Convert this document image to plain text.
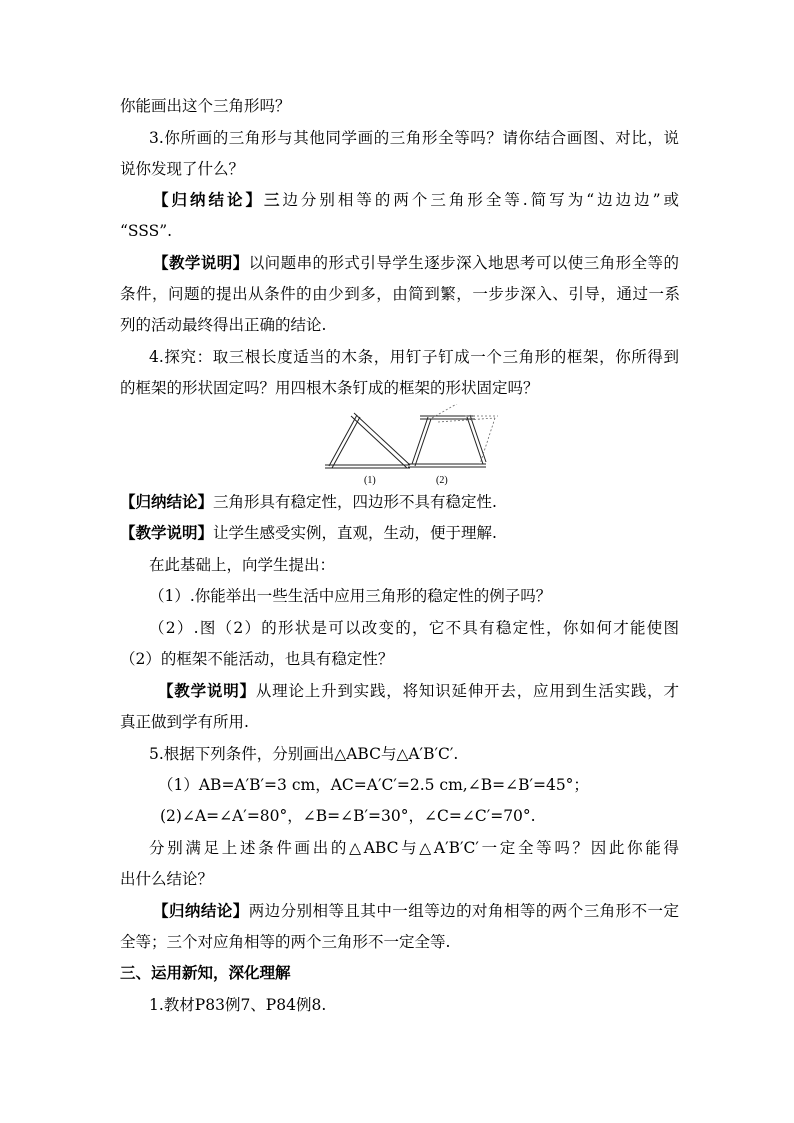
你能画出这个三角形吗？
3.你所画的三角形与其他同学画的三角形全等吗？请你结合画图、对比，说
说你发现了什么？
【归纳结论】三边分别相等的两个三角形全等.简写为“边边边”或
“SSS”.
【教学说明】以问题串的形式引导学生逐步深入地思考可以使三角形全等的
条件，问题的提出从条件的由少到多，由简到繁，一步步深入、引导，通过一系
列的活动最终得出正确的结论.
4.探究：取三根长度适当的木条，用钉子钉成一个三角形的框架，你所得到
的框架的形状固定吗？用四根木条钉成的框架的形状固定吗？
(1)	(2)
【归纳结论】三角形具有稳定性，四边形不具有稳定性.
【教学说明】让学生感受实例，直观，生动，便于理解.
在此基础上，向学生提出：
（1）.你能举出一些生活中应用三角形的稳定性的例子吗？
（2）.图（2）的形状是可以改变的，它不具有稳定性，你如何才能使图
（2）的框架不能活动，也具有稳定性？
【教学说明】从理论上升到实践，将知识延伸开去，应用到生活实践，才
真正做到学有所用.
5.根据下列条件，分别画出△ABC与△A′B′C′.
（1）AB=A′B′=3 cm，AC=A′C′=2.5 cm,∠B=∠B′=45°；
(2)∠A=∠A′=80°，∠B=∠B′=30°，∠C=∠C′=70°.
分别满足上述条件画出的△ABC与△A′B′C′一定全等吗？因此你能得
出什么结论？
【归纳结论】两边分别相等且其中一组等边的对角相等的两个三角形不一定
全等；三个对应角相等的两个三角形不一定全等.
三、运用新知，深化理解
1.教材P83例7、P84例8.
